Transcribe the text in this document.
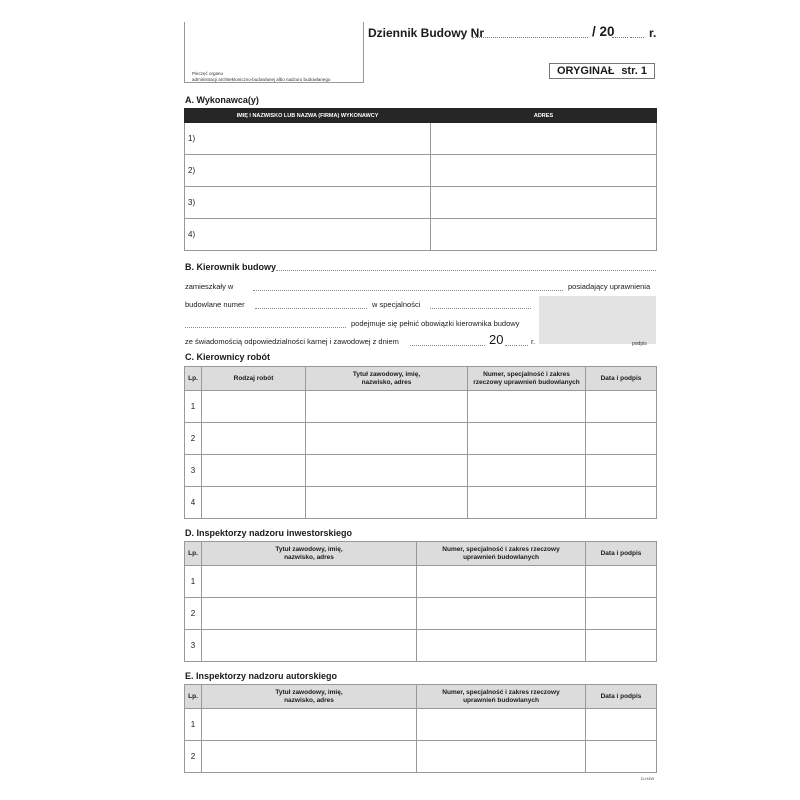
Pieczęć organu
administracji architektoniczno-budowlanej albo nadzoru budowlanego
Dziennik Budowy Nr	/ 20	r.
ORYGINAŁ str. 1
A. Wykonawca(y)
IMIĘ I NAZWISKO LUB NAZWA (FIRMA) WYKONAWCY	ADRES
1)	
2)	
3)	
4)	
B. Kierownik budowy
zamieszkały w	posiadający uprawnienia
budowlane numer	w specjalności
podejmuje się pełnić obowiązki kierownika budowy
ze świadomością odpowiedzialności karnej i zawodowej z dniem	20	r.	podpis
C. Kierownicy robót
Lp.	Rodzaj robót	Tytuł zawodowy, imię, nazwisko, adres	Numer, specjalność i zakres rzeczowy uprawnień budowlanych	Data i podpis
1				
2				
3				
4				
D. Inspektorzy nadzoru inwestorskiego
Lp.	Tytuł zawodowy, imię, nazwisko, adres	Numer, specjalność i zakres rzeczowy uprawnień budowlanych	Data i podpis
1			
2			
3			
E. Inspektorzy nadzoru autorskiego
Lp.	Tytuł zawodowy, imię, nazwisko, adres	Numer, specjalność i zakres rzeczowy uprawnień budowlanych	Data i podpis
1			
2			
D-H4W
